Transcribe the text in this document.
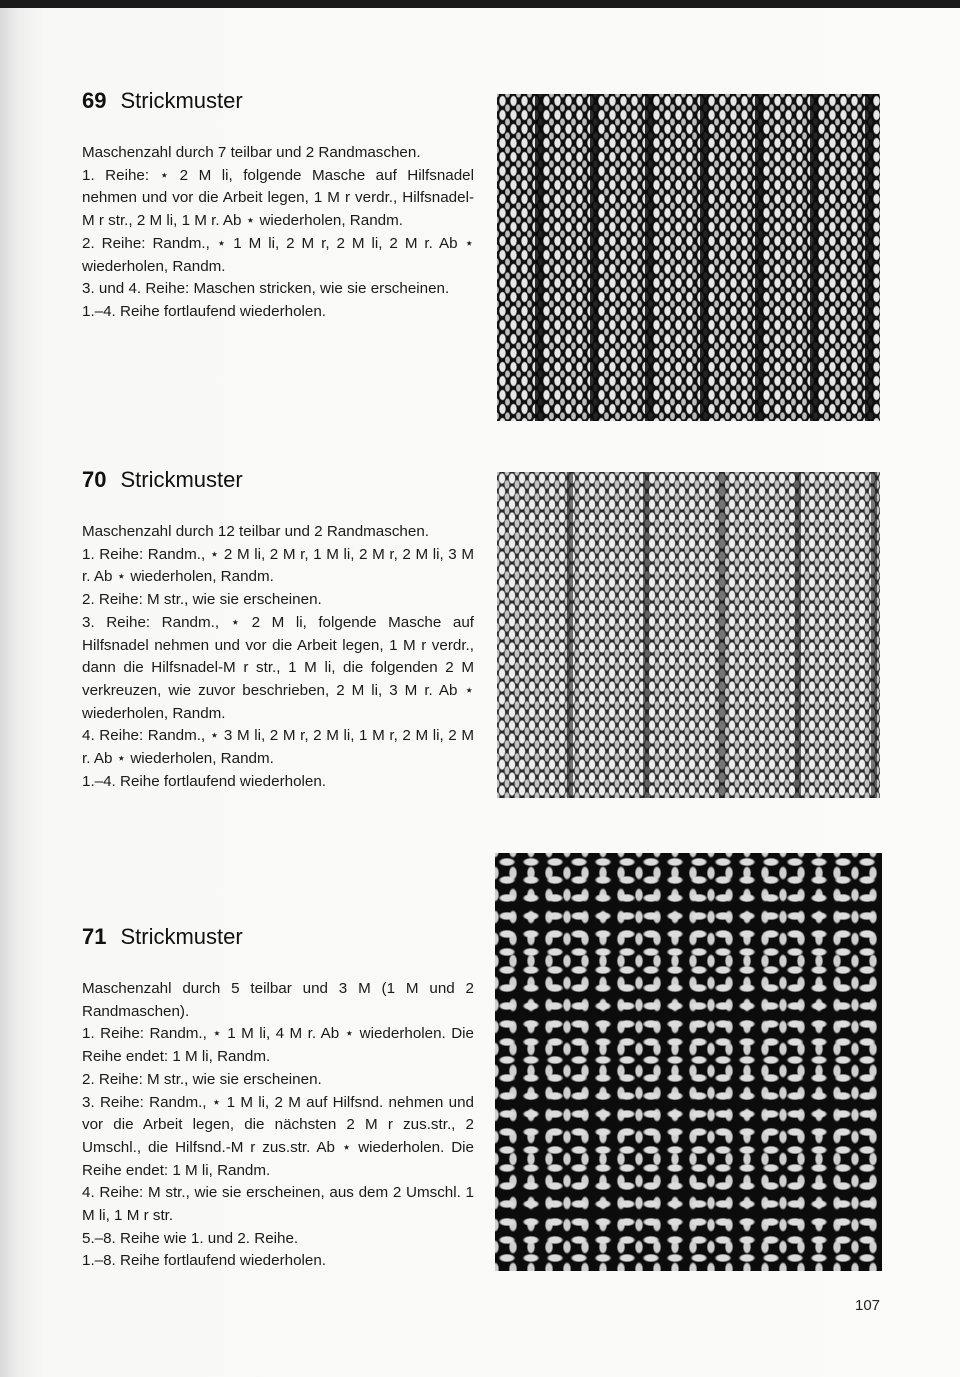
69 Strickmuster

Maschenzahl durch 7 teilbar und 2 Randmaschen.

1. Reihe: ⋆ 2 M li, folgende Masche auf Hilfsnadel nehmen und vor die Arbeit legen, 1 M r verdr., Hilfsnadel-M r str., 2 M li, 1 M r. Ab ⋆ wiederholen, Randm.

2. Reihe: Randm., ⋆ 1 M li, 2 M r, 2 M li, 2 M r. Ab ⋆ wiederholen, Randm.

3. und 4. Reihe: Maschen stricken, wie sie erscheinen.

1.–4. Reihe fortlaufend wiederholen.

70 Strickmuster

Maschenzahl durch 12 teilbar und 2 Randmaschen.

1. Reihe: Randm., ⋆ 2 M li, 2 M r, 1 M li, 2 M r, 2 M li, 3 M r. Ab ⋆ wiederholen, Randm.

2. Reihe: M str., wie sie erscheinen.

3. Reihe: Randm., ⋆ 2 M li, folgende Masche auf Hilfsnadel nehmen und vor die Arbeit legen, 1 M r verdr., dann die Hilfsnadel-M r str., 1 M li, die folgenden 2 M verkreuzen, wie zuvor beschrieben, 2 M li, 3 M r. Ab ⋆ wiederholen, Randm.

4. Reihe: Randm., ⋆ 3 M li, 2 M r, 2 M li, 1 M r, 2 M li, 2 M r. Ab ⋆ wiederholen, Randm.

1.–4. Reihe fortlaufend wiederholen.

71 Strickmuster

Maschenzahl durch 5 teilbar und 3 M (1 M und 2 Randmaschen).

1. Reihe: Randm., ⋆ 1 M li, 4 M r. Ab ⋆ wiederholen. Die Reihe endet: 1 M li, Randm.

2. Reihe: M str., wie sie erscheinen.

3. Reihe: Randm., ⋆ 1 M li, 2 M auf Hilfsnd. nehmen und vor die Arbeit legen, die nächsten 2 M r zus.str., 2 Umschl., die Hilfsnd.-M r zus.str. Ab ⋆ wiederholen. Die Reihe endet: 1 M li, Randm.

4. Reihe: M str., wie sie erscheinen, aus dem 2 Umschl. 1 M li, 1 M r str.

5.–8. Reihe wie 1. und 2. Reihe.

1.–8. Reihe fortlaufend wiederholen.

107
